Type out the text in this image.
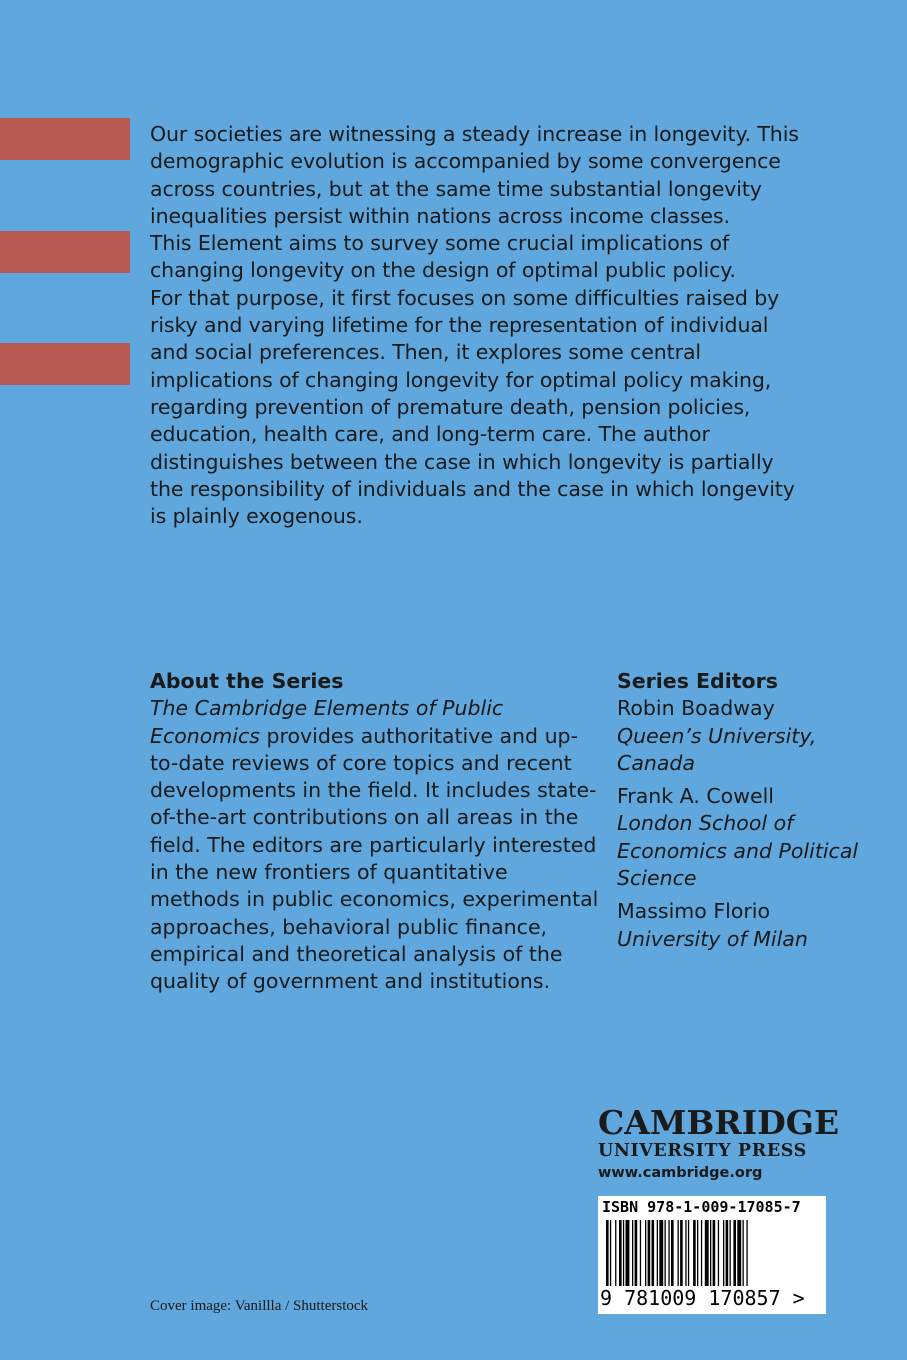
Our societies are witnessing a steady increase in longevity. This

demographic evolution is accompanied by some convergence

across countries, but at the same time substantial longevity

inequalities persist within nations across income classes.

This Element aims to survey some crucial implications of

changing longevity on the design of optimal public policy.

For that purpose, it first focuses on some difficulties raised by

risky and varying lifetime for the representation of individual

and social preferences. Then, it explores some central

implications of changing longevity for optimal policy making,

regarding prevention of premature death, pension policies,

education, health care, and long-term care. The author

distinguishes between the case in which longevity is partially

the responsibility of individuals and the case in which longevity

is plainly exogenous.

About the Series

The Cambridge Elements of Public Economics provides authoritative and up-to-date reviews of core topics and recent developments in the field. It includes state-of-the-art contributions on all areas in the field. The editors are particularly interested in the new frontiers of quantitative methods in public economics, experimental approaches, behavioral public finance, empirical and theoretical analysis of the quality of government and institutions.

Series Editors
Robin Boadway
Queen’s University, Canada
Frank A. Cowell
London School of Economics and Political Science
Massimo Florio
University of Milan
CAMBRIDGE
UNIVERSITY PRESS
www.cambridge.org
ISBN 978-1-009-17085-7
9 781009 170857 >
Cover image: Vanillla / Shutterstock
